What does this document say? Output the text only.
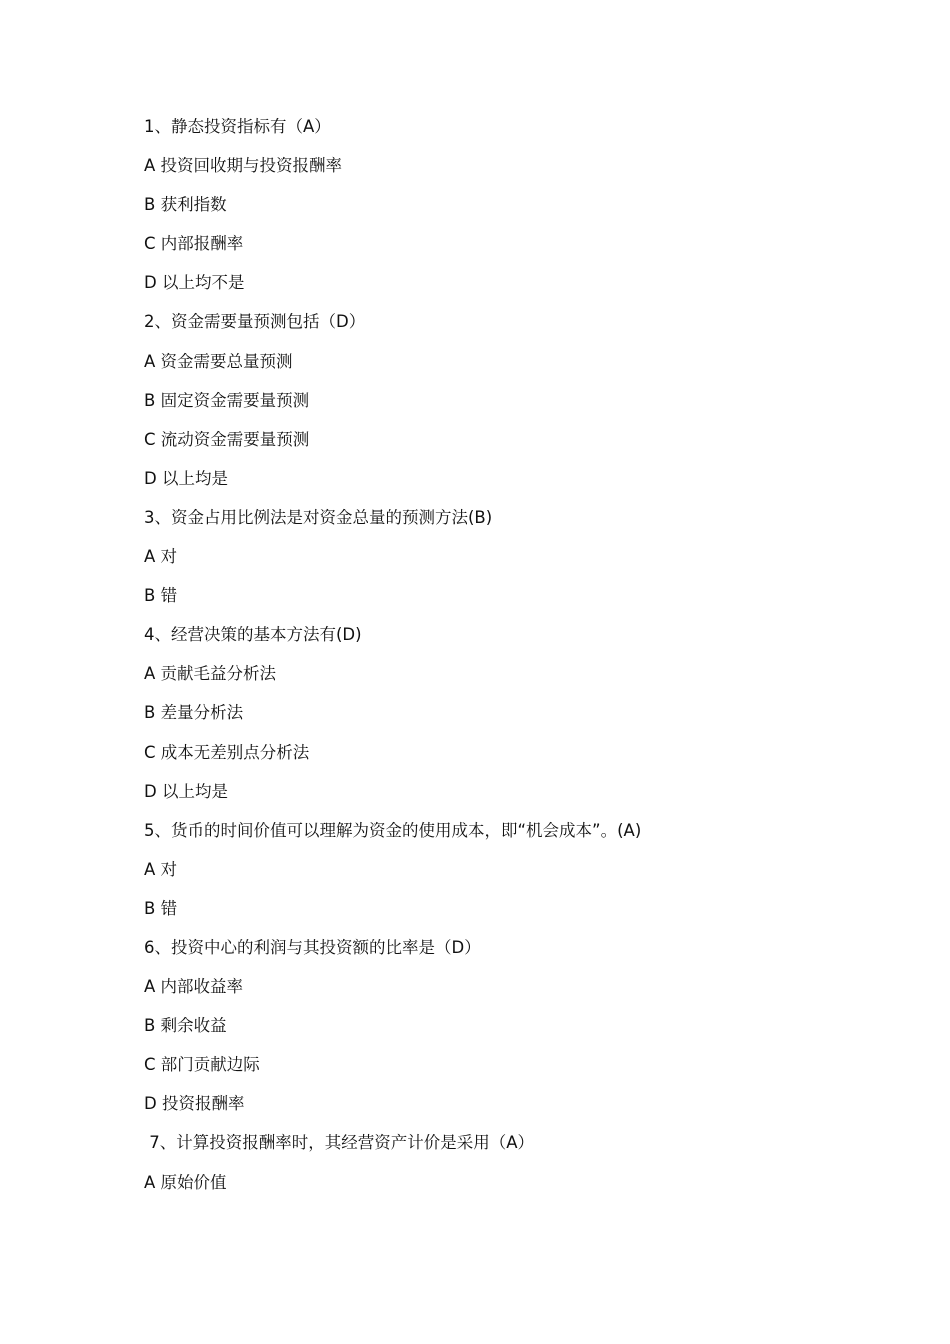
1、静态投资指标有（A）
A 投资回收期与投资报酬率
B 获利指数
C 内部报酬率
D 以上均不是
2、资金需要量预测包括（D）
A 资金需要总量预测
B 固定资金需要量预测
C 流动资金需要量预测
D 以上均是
3、资金占用比例法是对资金总量的预测方法(B)
A 对
B 错
4、经营决策的基本方法有(D)
A 贡献毛益分析法
B 差量分析法
C 成本无差别点分析法
D 以上均是
5、货币的时间价值可以理解为资金的使用成本，即“机会成本”。(A)
A 对
B 错
6、投资中心的利润与其投资额的比率是（D）
A 内部收益率
B 剩余收益
C 部门贡献边际
D 投资报酬率
7、计算投资报酬率时，其经营资产计价是采用（A）
A 原始价值
